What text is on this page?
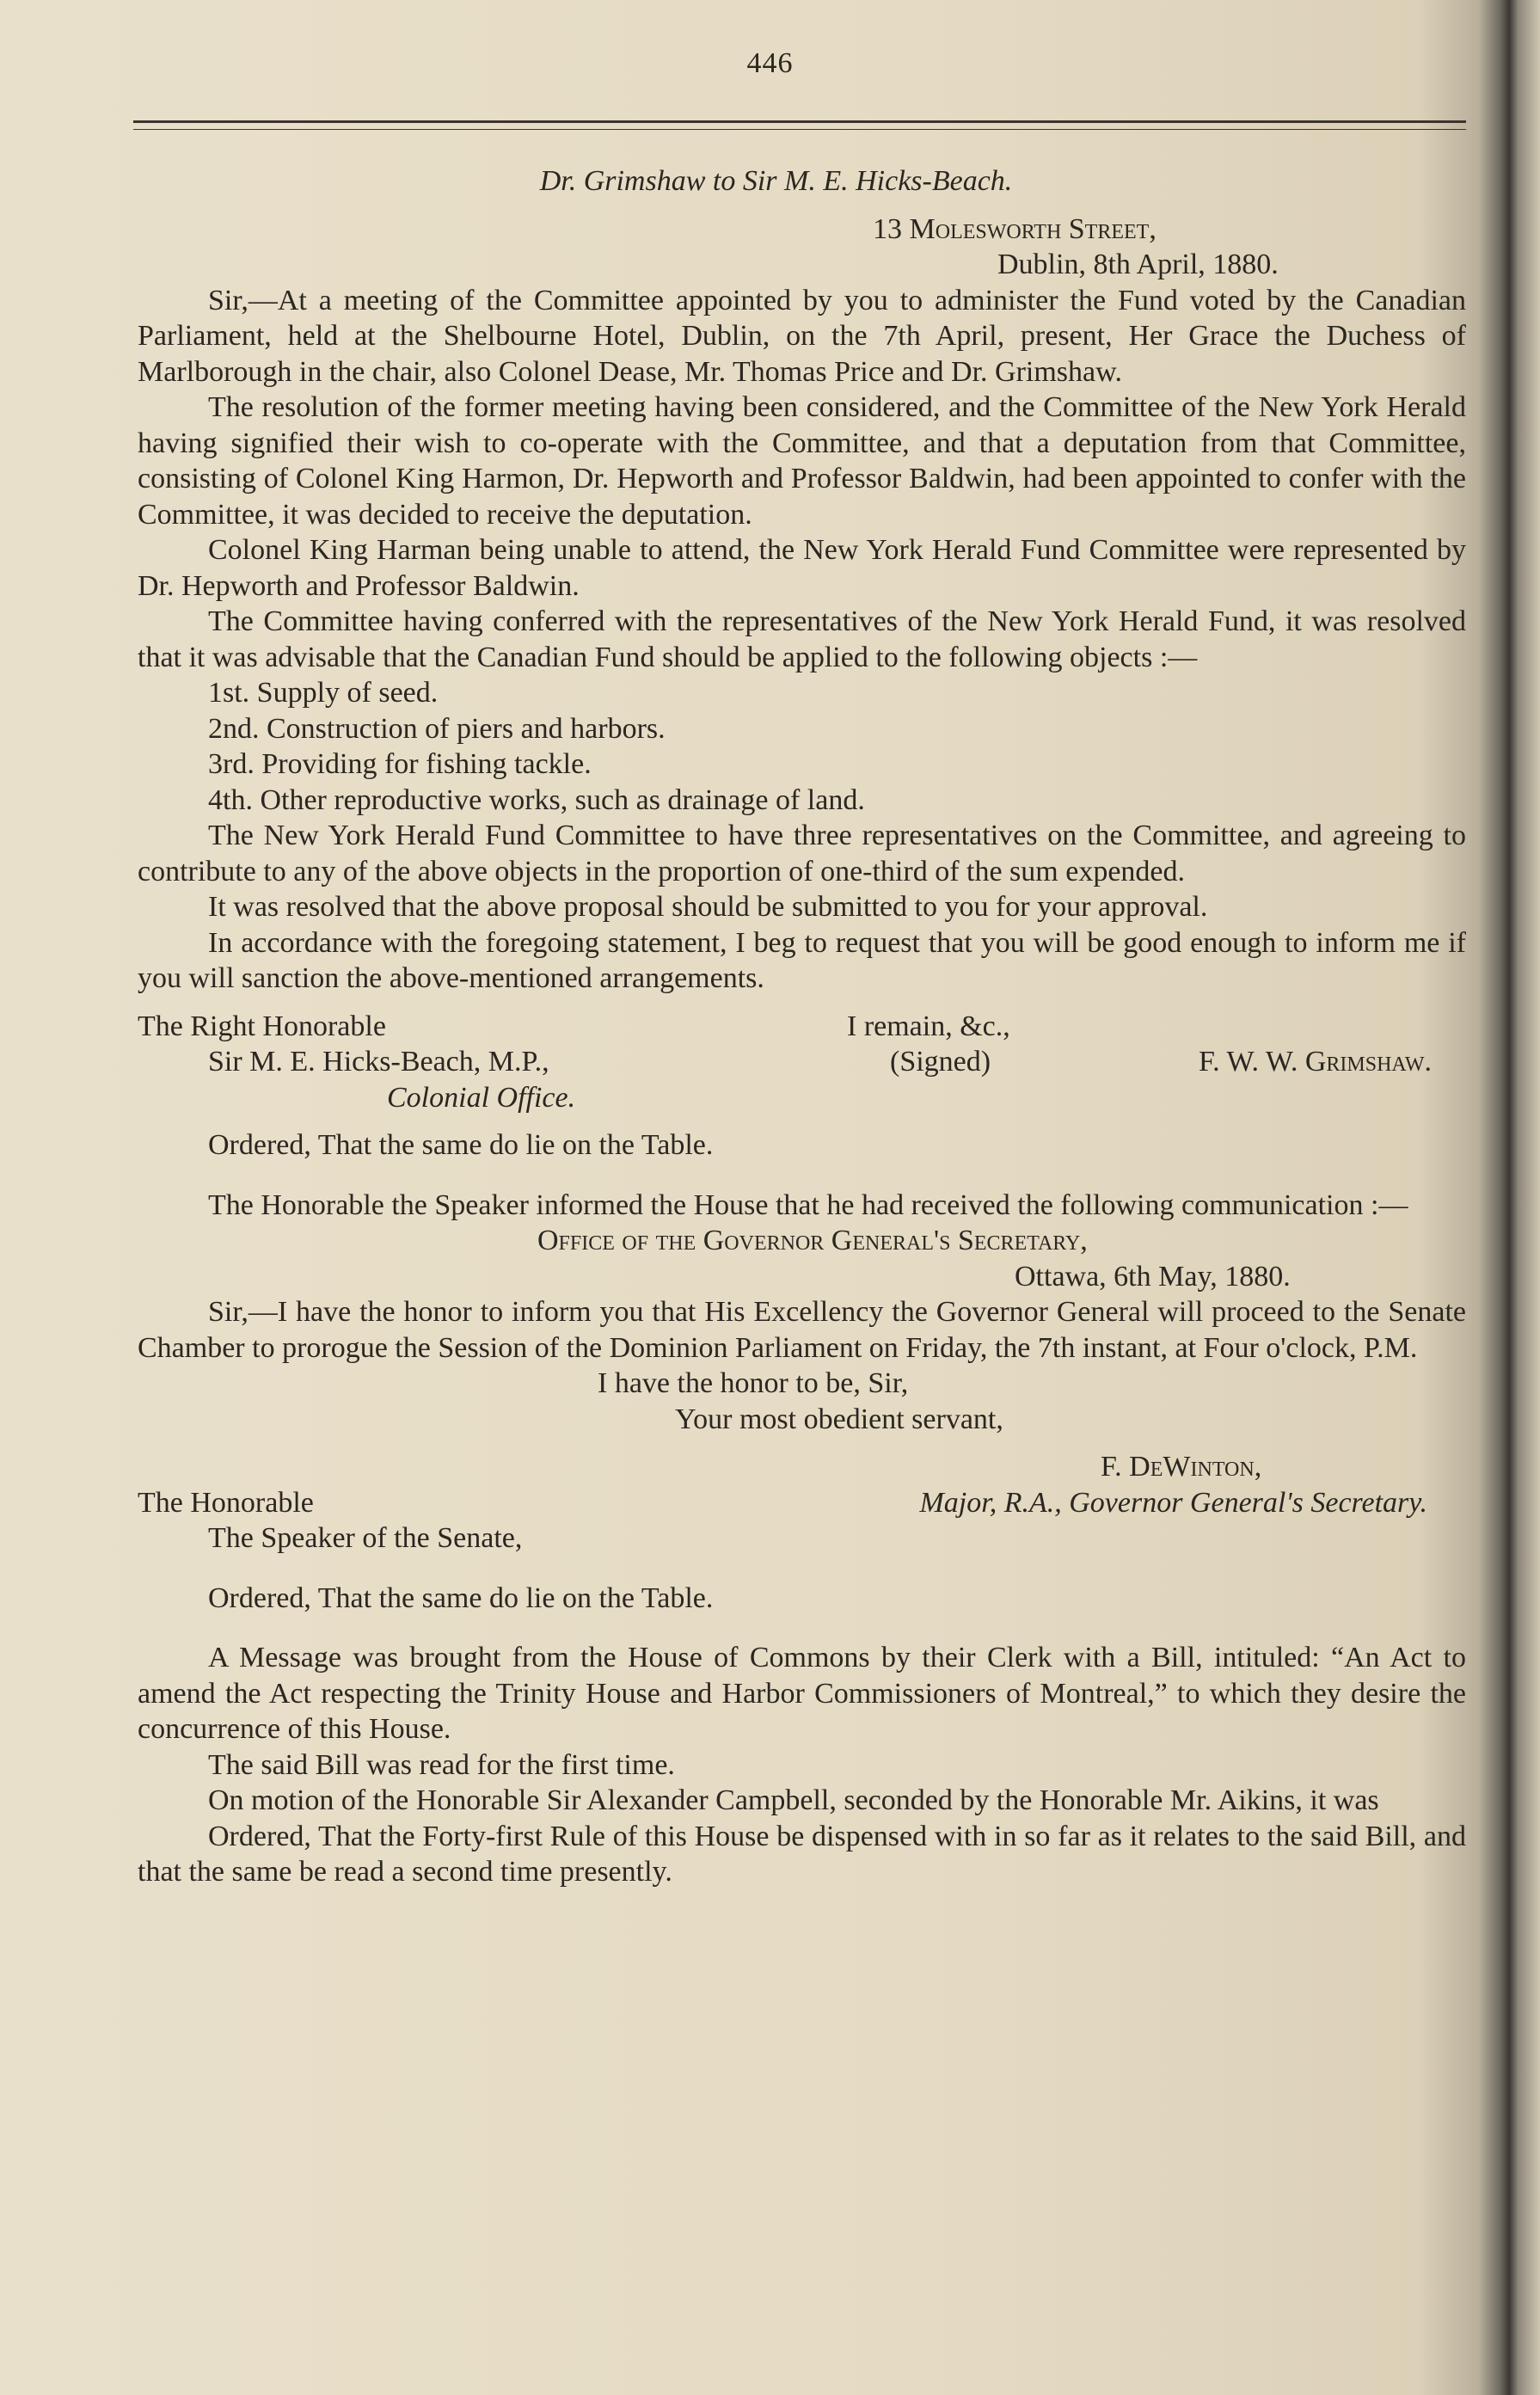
446

Dr. Grimshaw to Sir M. E. Hicks-Beach.

13 Molesworth Street,

Dublin, 8th April, 1880.

Sir,—At a meeting of the Committee appointed by you to administer the Fund voted by the Canadian Parliament, held at the Shelbourne Hotel, Dublin, on the 7th April, present, Her Grace the Duchess of Marlborough in the chair, also Colonel Dease, Mr. Thomas Price and Dr. Grimshaw.

The resolution of the former meeting having been considered, and the Committee of the New York Herald having signified their wish to co-operate with the Committee, and that a deputation from that Committee, consisting of Colonel King Harmon, Dr. Hepworth and Professor Baldwin, had been appointed to confer with the Committee, it was decided to receive the deputation.

Colonel King Harman being unable to attend, the New York Herald Fund Committee were represented by Dr. Hepworth and Professor Baldwin.

The Committee having conferred with the representatives of the New York Herald Fund, it was resolved that it was advisable that the Canadian Fund should be applied to the following objects :—

1st. Supply of seed.

2nd. Construction of piers and harbors.

3rd. Providing for fishing tackle.

4th. Other reproductive works, such as drainage of land.

The New York Herald Fund Committee to have three representatives on the Committee, and agreeing to contribute to any of the above objects in the proportion of one-third of the sum expended.

It was resolved that the above proposal should be submitted to you for your approval.

In accordance with the foregoing statement, I beg to request that you will be good enough to inform me if you will sanction the above-mentioned arrangements.

The Right Honorable	I remain, &c.,
Sir M. E. Hicks-Beach, M.P.,	(Signed)	F. W. W. Grimshaw.

Colonial Office.

Ordered, That the same do lie on the Table.

The Honorable the Speaker informed the House that he had received the following communication :—

Office of the Governor General's Secretary,

Ottawa, 6th May, 1880.

Sir,—I have the honor to inform you that His Excellency the Governor General will proceed to the Senate Chamber to prorogue the Session of the Dominion Parliament on Friday, the 7th instant, at Four o'clock, P.M.

I have the honor to be, Sir,

Your most obedient servant,

F. DeWinton,

The Honorable	Major, R.A., Governor General's Secretary.

The Speaker of the Senate,

Ordered, That the same do lie on the Table.

A Message was brought from the House of Commons by their Clerk with a Bill, intituled: “An Act to amend the Act respecting the Trinity House and Harbor Commissioners of Montreal,” to which they desire the concurrence of this House.

The said Bill was read for the first time.

On motion of the Honorable Sir Alexander Campbell, seconded by the Honorable Mr. Aikins, it was

Ordered, That the Forty-first Rule of this House be dispensed with in so far as it relates to the said Bill, and that the same be read a second time presently.
